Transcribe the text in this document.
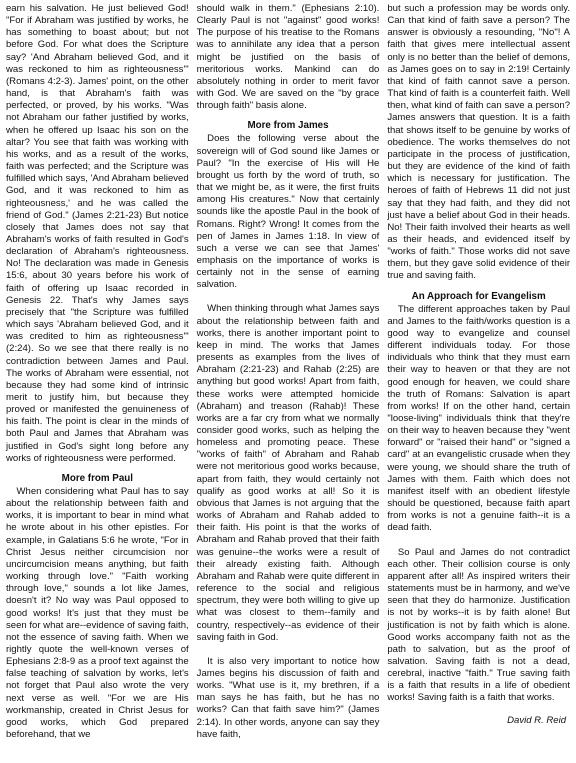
earn his salvation. He just believed God! "For if Abraham was justified by works, he has something to boast about; but not before God. For what does the Scripture say? 'And Abraham believed God, and it was reckoned to him as righteousness'" (Romans 4:2-3). James' point, on the other hand, is that Abraham's faith was perfected, or proved, by his works. "Was not Abraham our father justified by works, when he offered up Isaac his son on the altar? You see that faith was working with his works, and as a result of the works, faith was perfected; and the Scripture was fulfilled which says, 'And Abraham believed God, and it was reckoned to him as righteousness,' and he was called the friend of God." (James 2:21-23) But notice closely that James does not say that Abraham's works of faith resulted in God's declaration of Abraham's righteousness. No! The declaration was made in Genesis 15:6, about 30 years before his work of faith of offering up Isaac recorded in Genesis 22. That's why James says precisely that "the Scripture was fulfilled which says 'Abraham believed God, and it was credited to him as righteousness'" (2:24). So we see that there really is no contradiction between James and Paul. The works of Abraham were essential, not because they had some kind of intrinsic merit to justify him, but because they proved or manifested the genuineness of his faith. The point is clear in the minds of both Paul and James that Abraham was justified in God's sight long before any works of righteousness were performed.

More from Paul

When considering what Paul has to say about the relationship between faith and works, it is important to bear in mind what he wrote about in his other epistles. For example, in Galatians 5:6 he wrote, "For in Christ Jesus neither circumcision nor uncircumcision means anything, but faith working through love." "Faith working through love," sounds a lot like James, doesn't it? No way was Paul opposed to good works! It's just that they must be seen for what are--evidence of saving faith, not the essence of saving faith. When we rightly quote the well-known verses of Ephesians 2:8-9 as a proof text against the false teaching of salvation by works, let's not forget that Paul also wrote the very next verse as well. "For we are His workmanship, created in Christ Jesus for good works, which God prepared beforehand, that we

should walk in them." (Ephesians 2:10). Clearly Paul is not "against" good works! The purpose of his treatise to the Romans was to annihilate any idea that a person might be justified on the basis of meritorious works. Mankind can do absolutely nothing in order to merit favor with God. We are saved on the "by grace through faith" basis alone.

More from James

Does the following verse about the sovereign will of God sound like James or Paul? "In the exercise of His will He brought us forth by the word of truth, so that we might be, as it were, the first fruits among His creatures." Now that certainly sounds like the apostle Paul in the book of Romans. Right? Wrong! It comes from the pen of James in James 1:18. In view of such a verse we can see that James' emphasis on the importance of works is certainly not in the sense of earning salvation.

When thinking through what James says about the relationship between faith and works, there is another important point to keep in mind. The works that James presents as examples from the lives of Abraham (2:21-23) and Rahab (2:25) are anything but good works! Apart from faith, these works were attempted homicide (Abraham) and treason (Rahab)! These works are a far cry from what we normally consider good works, such as helping the homeless and promoting peace. These "works of faith" of Abraham and Rahab were not meritorious good works because, apart from faith, they would certainly not qualify as good works at all! So it is obvious that James is not arguing that the works of Abraham and Rahab added to their faith. His point is that the works of Abraham and Rahab proved that their faith was genuine--the works were a result of their already existing faith. Although Abraham and Rahab were quite different in reference to the social and religious spectrum, they were both willing to give up what was closest to them--family and country, respectively--as evidence of their saving faith in God.

It is also very important to notice how James begins his discussion of faith and works. "What use is it, my brethren, if a man says he has faith, but he has no works? Can that faith save him?" (James 2:14). In other words, anyone can say they have faith,

but such a profession may be words only. Can that kind of faith save a person? The answer is obviously a resounding, "No"! A faith that gives mere intellectual assent only is no better than the belief of demons, as James goes on to say in 2:19! Certainly that kind of faith cannot save a person. That kind of faith is a counterfeit faith. Well then, what kind of faith can save a person? James answers that question. It is a faith that shows itself to be genuine by works of obedience. The works themselves do not participate in the process of justification, but they are evidence of the kind of faith which is necessary for justification. The heroes of faith of Hebrews 11 did not just say that they had faith, and they did not just have a belief about God in their heads. No! Their faith involved their hearts as well as their heads, and evidenced itself by "works of faith." Those works did not save them, but they gave solid evidence of their true and saving faith.

An Approach for Evangelism

The different approaches taken by Paul and James to the faith/works question is a good way to evangelize and counsel different individuals today. For those individuals who think that they must earn their way to heaven or that they are not good enough for heaven, we could share the truth of Romans: Salvation is apart from works! If on the other hand, certain "loose-living" individuals think that they're on their way to heaven because they "went forward" or "raised their hand" or "signed a card" at an evangelistic crusade when they were young, we should share the truth of James with them. Faith which does not manifest itself with an obedient lifestyle should be questioned, because faith apart from works is not a genuine faith--it is a dead faith.

So Paul and James do not contradict each other. Their collision course is only apparent after all! As inspired writers their statements must be in harmony, and we've seen that they do harmonize. Justification is not by works--it is by faith alone! But justification is not by faith which is alone. Good works accompany faith not as the path to salvation, but as the proof of salvation. Saving faith is not a dead, cerebral, inactive "faith." True saving faith is a faith that results in a life of obedient works! Saving faith is a faith that works.

David R. Reid
